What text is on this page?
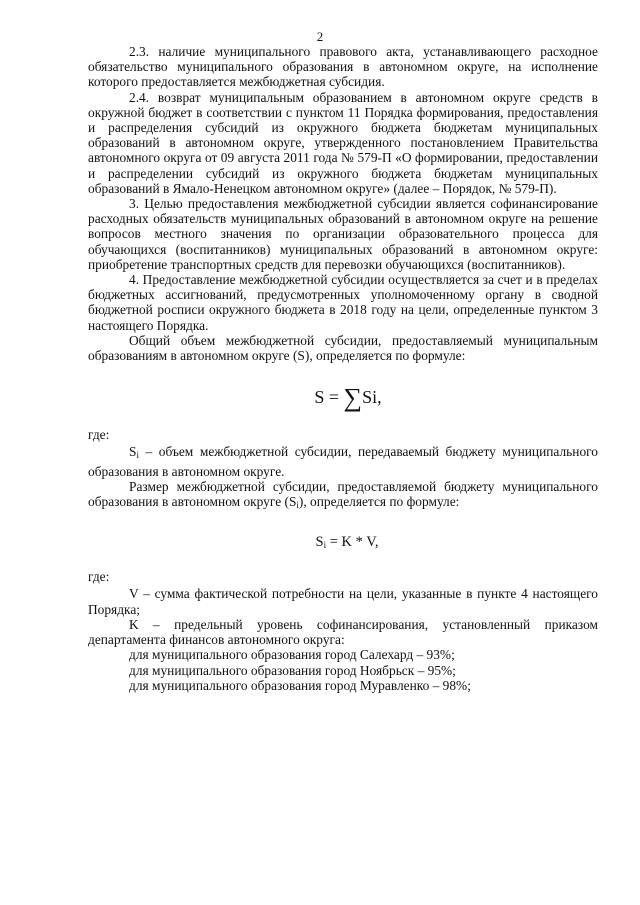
2

2.3. наличие муниципального правового акта, устанавливающего расходное обязательство муниципального образования в автономном округе, на исполнение которого предоставляется межбюджетная субсидия.

2.4. возврат муниципальным образованием в автономном округе средств в окружной бюджет в соответствии с пунктом 11 Порядка формирования, предоставления и распределения субсидий из окружного бюджета бюджетам муниципальных образований в автономном округе, утвержденного постановлением Правительства автономного округа от 09 августа 2011 года № 579-П «О формировании, предоставлении и распределении субсидий из окружного бюджета бюджетам муниципальных образований в Ямало-Ненецком автономном округе» (далее – Порядок, № 579-П).

3. Целью предоставления межбюджетной субсидии является софинансирование расходных обязательств муниципальных образований в автономном округе на решение вопросов местного значения по организации образовательного процесса для обучающихся (воспитанников) муниципальных образований в автономном округе: приобретение транспортных средств для перевозки обучающихся (воспитанников).

4. Предоставление межбюджетной субсидии осуществляется за счет и в пределах бюджетных ассигнований, предусмотренных уполномоченному органу в сводной бюджетной росписи окружного бюджета в 2018 году на цели, определенные пунктом 3 настоящего Порядка.

Общий объем межбюджетной субсидии, предоставляемый муниципальным образованиям в автономном округе (S), определяется по формуле:

S = ∑Si,

где:

$S_i$ – объем межбюджетной субсидии, передаваемый бюджету муниципального образования в автономном округе.

Размер межбюджетной субсидии, предоставляемой бюджету муниципального образования в автономном округе $(S_i)$, определяется по формуле:

$S_i = K * V$,

где:

V – сумма фактической потребности на цели, указанные в пункте 4 настоящего Порядка;

K – предельный уровень софинансирования, установленный приказом департамента финансов автономного округа:

для муниципального образования город Салехард – 93%;

для муниципального образования город Ноябрьск – 95%;

для муниципального образования город Муравленко – 98%;
